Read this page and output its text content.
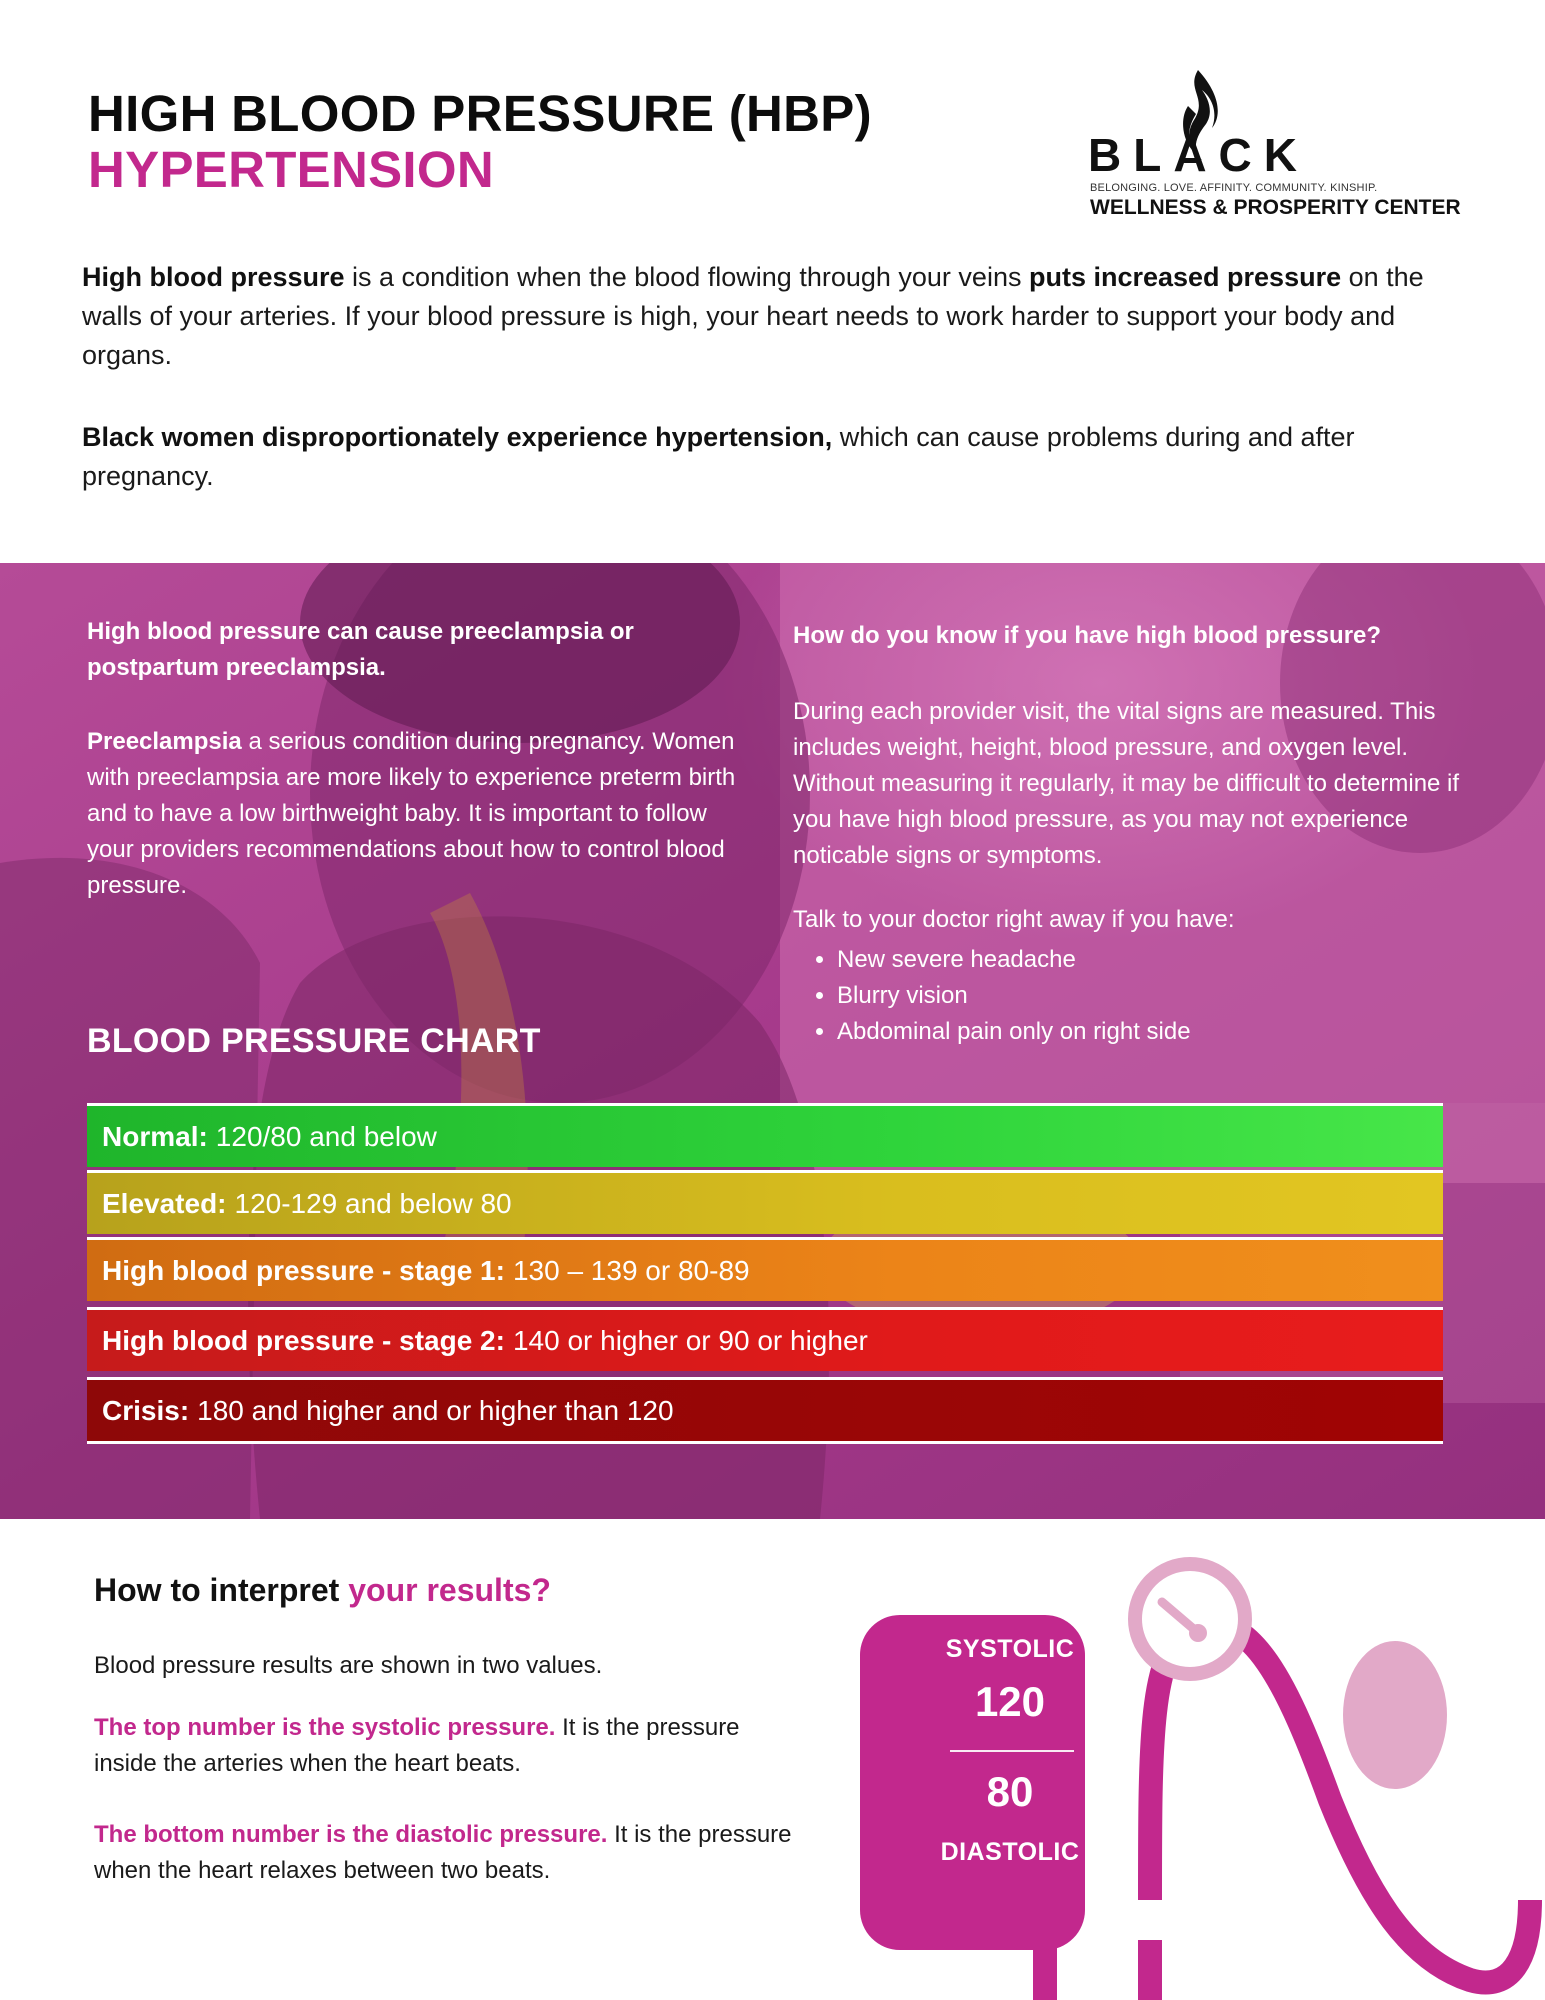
HIGH BLOOD PRESSURE (HBP)
HYPERTENSION	BLACK
BELONGING. LOVE. AFFINITY. COMMUNITY. KINSHIP.
WELLNESS & PROSPERITY CENTER
High blood pressure is a condition when the blood flowing through your veins puts increased pressure on the walls of your arteries. If your blood pressure is high, your heart needs to work harder to support your body and organs.
Black women disproportionately experience hypertension, which can cause problems during and after pregnancy.
High blood pressure can cause preeclampsia or postpartum preeclampsia.
Preeclampsia a serious condition during pregnancy. Women with preeclampsia are more likely to experience preterm birth and to have a low birthweight baby. It is important to follow your providers recommendations about how to control blood pressure.
How do you know if you have high blood pressure?
During each provider visit, the vital signs are measured. This includes weight, height, blood pressure, and oxygen level. Without measuring it regularly, it may be difficult to determine if you have high blood pressure, as you may not experience noticable signs or symptoms.
Talk to your doctor right away if you have:
• New severe headache
• Blurry vision
• Abdominal pain only on right side
BLOOD PRESSURE CHART
Normal: 120/80 and below
Elevated: 120-129 and below 80
High blood pressure - stage 1: 130 – 139 or 80-89
High blood pressure - stage 2: 140 or higher or 90 or higher
Crisis: 180 and higher and or higher than 120
How to interpret your results?
Blood pressure results are shown in two values.
The top number is the systolic pressure. It is the pressure inside the arteries when the heart beats.
The bottom number is the diastolic pressure. It is the pressure when the heart relaxes between two beats.
SYSTOLIC
120
80
DIASTOLIC
